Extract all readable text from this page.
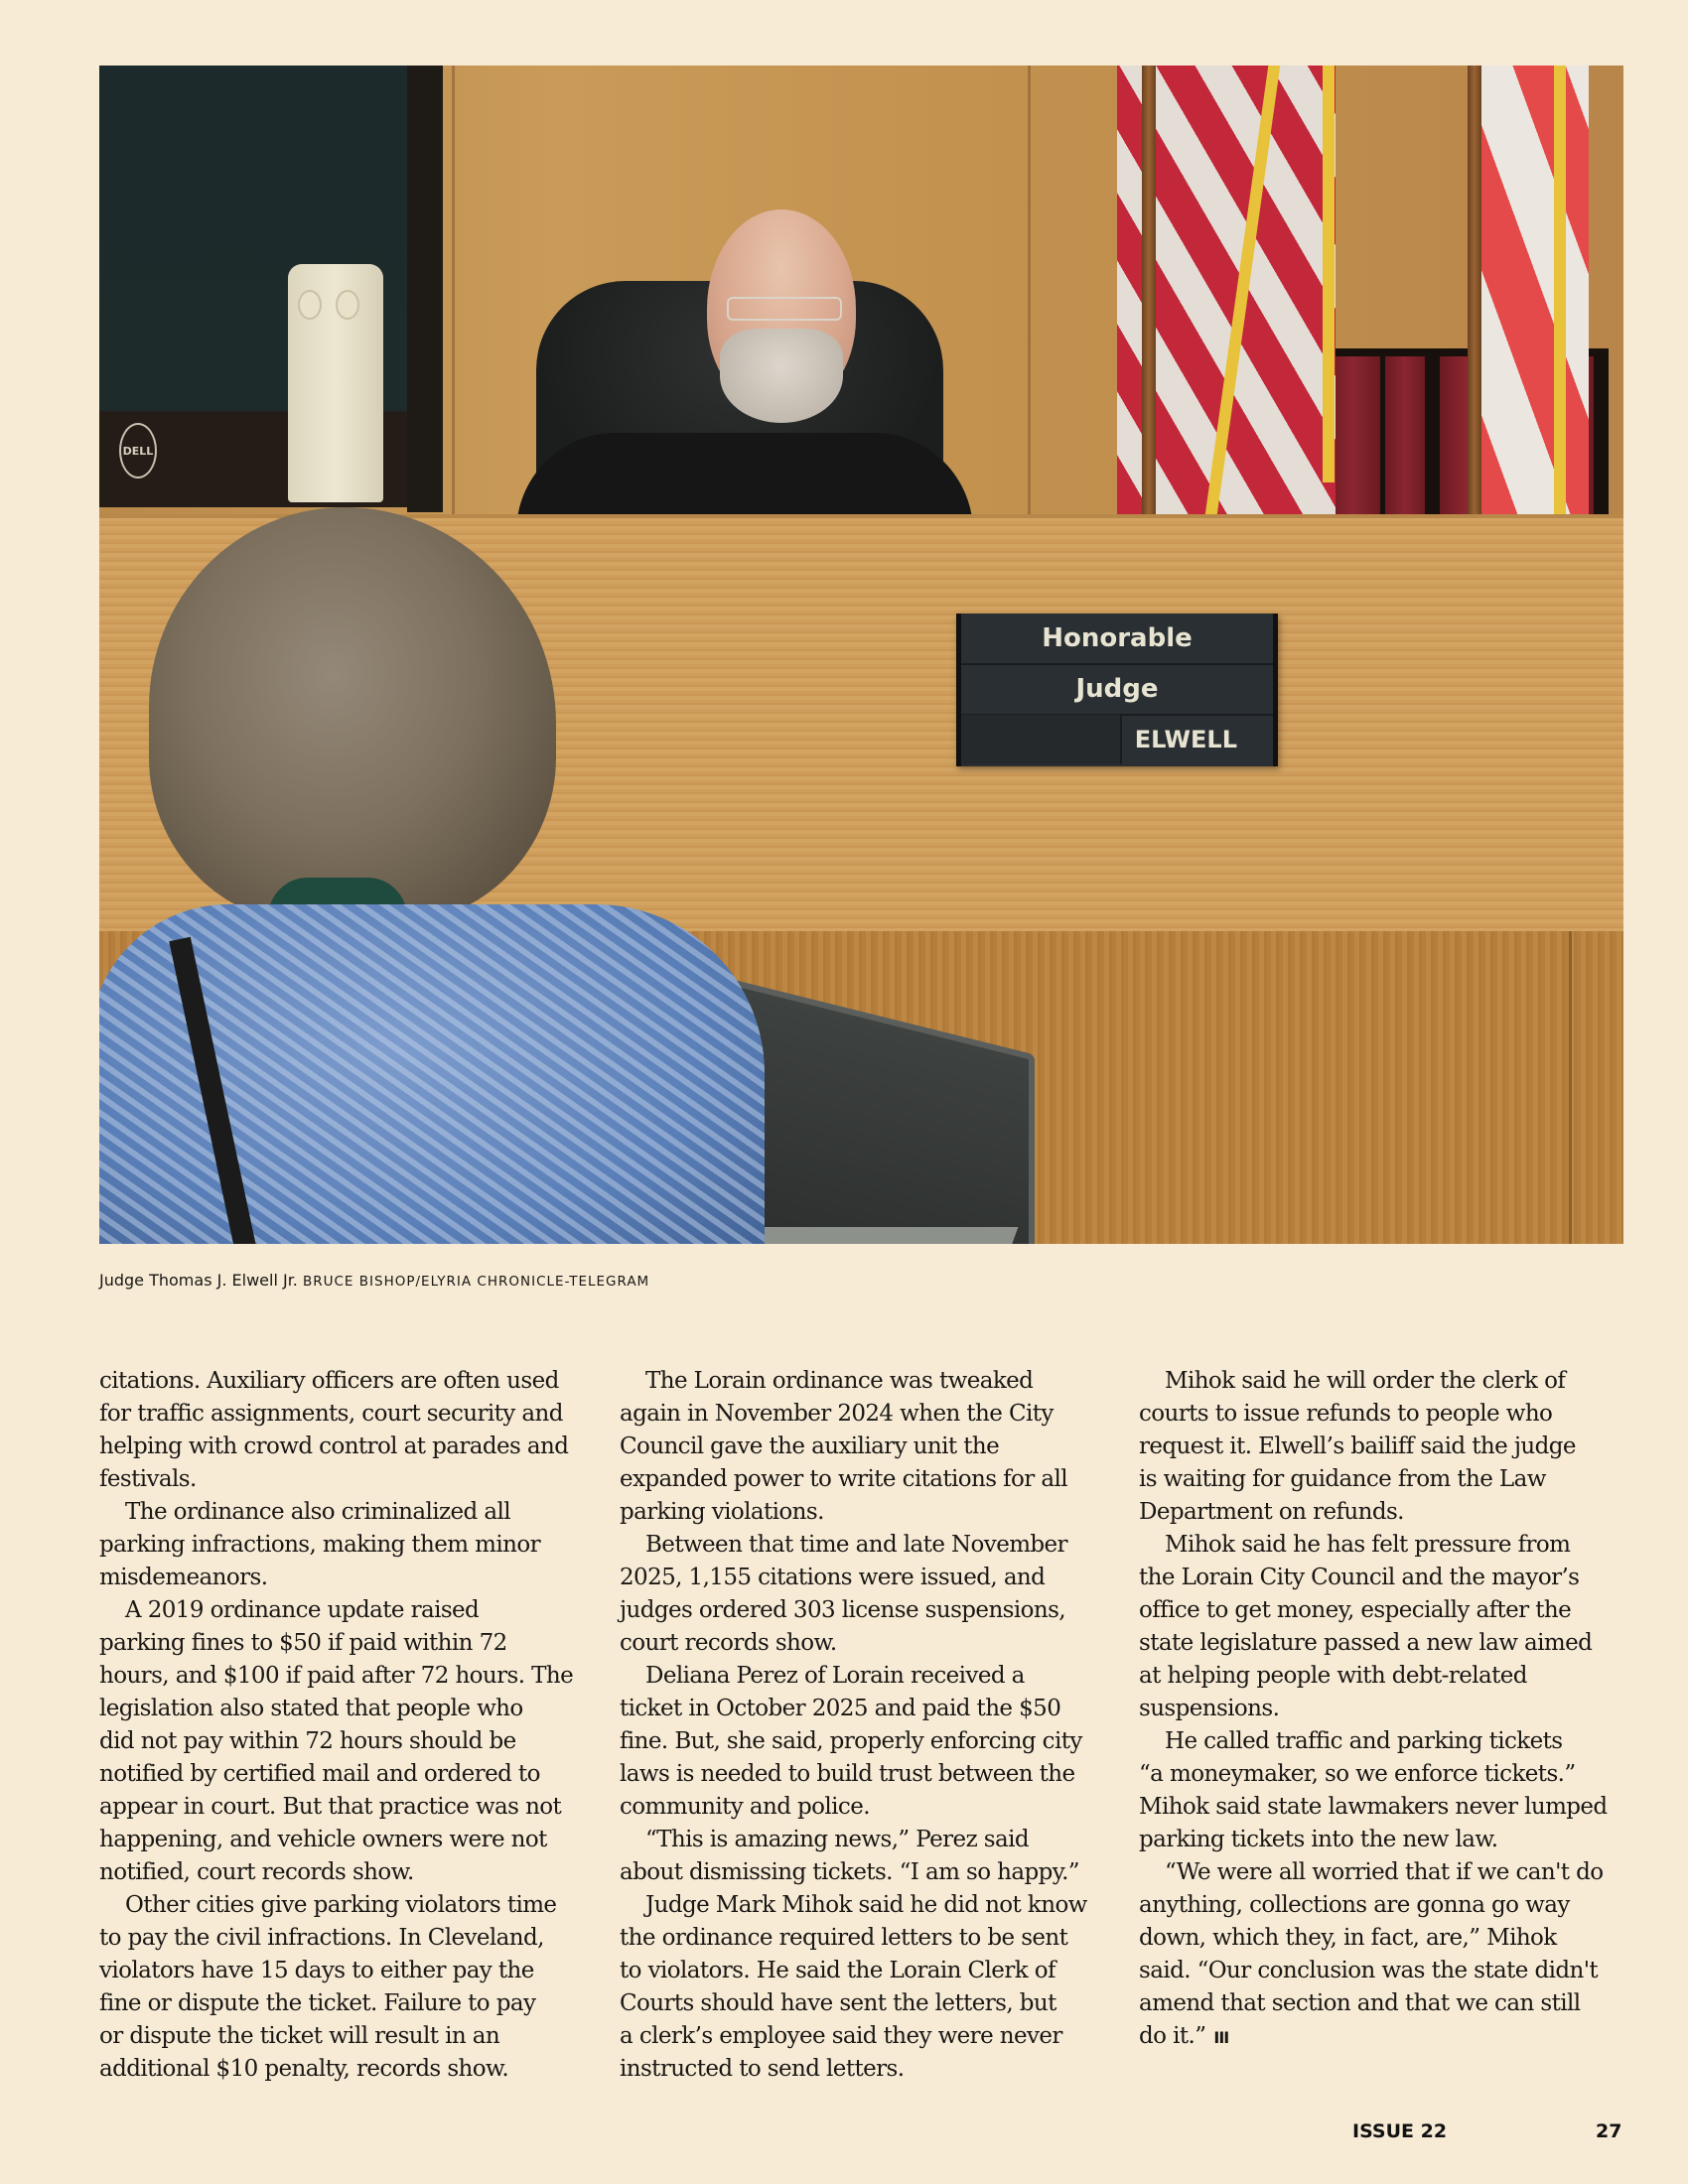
DELL
Honorable
Judge
ELWELL
Judge Thomas J. Elwell Jr. BRUCE BISHOP/ELYRIA CHRONICLE-TELEGRAM
citations. Auxiliary officers are often used
for traffic assignments, court security and
helping with crowd control at parades and
festivals.
The ordinance also criminalized all
parking infractions, making them minor
misdemeanors.
A 2019 ordinance update raised
parking fines to $50 if paid within 72
hours, and $100 if paid after 72 hours. The
legislation also stated that people who
did not pay within 72 hours should be
notified by certified mail and ordered to
appear in court. But that practice was not
happening, and vehicle owners were not
notified, court records show.
Other cities give parking violators time
to pay the civil infractions. In Cleveland,
violators have 15 days to either pay the
fine or dispute the ticket. Failure to pay
or dispute the ticket will result in an
additional $10 penalty, records show.
The Lorain ordinance was tweaked
again in November 2024 when the City
Council gave the auxiliary unit the
expanded power to write citations for all
parking violations.
Between that time and late November
2025, 1,155 citations were issued, and
judges ordered 303 license suspensions,
court records show.
Deliana Perez of Lorain received a
ticket in October 2025 and paid the $50
fine. But, she said, properly enforcing city
laws is needed to build trust between the
community and police.
“This is amazing news,” Perez said
about dismissing tickets. “I am so happy.”
Judge Mark Mihok said he did not know
the ordinance required letters to be sent
to violators. He said the Lorain Clerk of
Courts should have sent the letters, but
a clerk’s employee said they were never
instructed to send letters.
Mihok said he will order the clerk of
courts to issue refunds to people who
request it. Elwell’s bailiff said the judge
is waiting for guidance from the Law
Department on refunds.
Mihok said he has felt pressure from
the Lorain City Council and the mayor’s
office to get money, especially after the
state legislature passed a new law aimed
at helping people with debt-related
suspensions.
He called traffic and parking tickets
“a moneymaker, so we enforce tickets.”
Mihok said state lawmakers never lumped
parking tickets into the new law.
“We were all worried that if we can't do
anything, collections are gonna go way
down, which they, in fact, are,” Mihok
said. “Our conclusion was the state didn't
amend that section and that we can still
do it.” III
ISSUE 22	27
